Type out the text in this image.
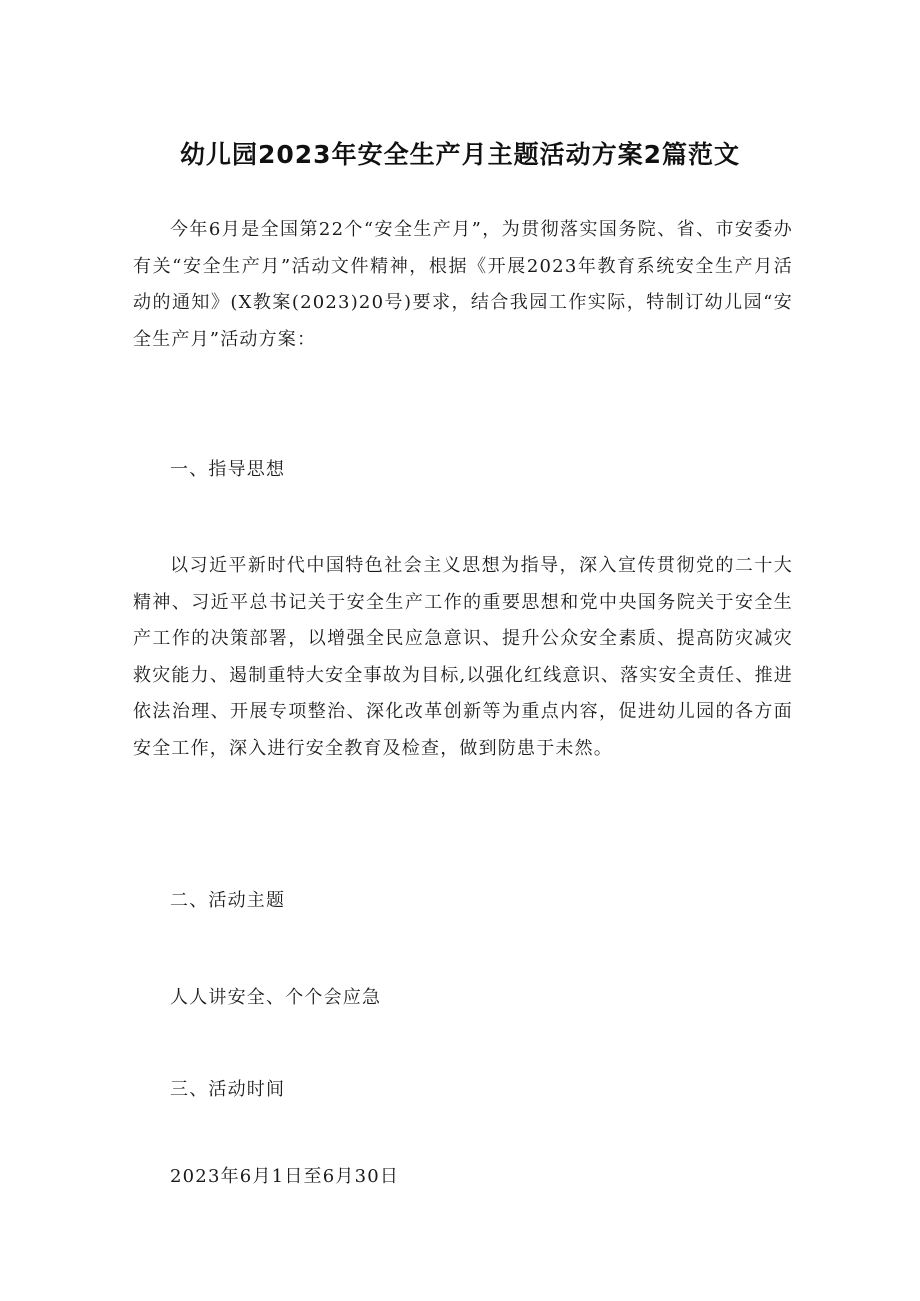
幼儿园2023年安全生产月主题活动方案2篇范文

今年6月是全国第22个“安全生产月”，为贯彻落实国务院、省、市安委办有关“安全生产月”活动文件精神，根据《开展2023年教育系统安全生产月活动的通知》(X教案(2023)20号)要求，结合我园工作实际，特制订幼儿园“安全生产月”活动方案：

一、指导思想

以习近平新时代中国特色社会主义思想为指导，深入宣传贯彻党的二十大精神、习近平总书记关于安全生产工作的重要思想和党中央国务院关于安全生产工作的决策部署，以增强全民应急意识、提升公众安全素质、提高防灾减灾救灾能力、遏制重特大安全事故为目标,以强化红线意识、落实安全责任、推进依法治理、开展专项整治、深化改革创新等为重点内容，促进幼儿园的各方面安全工作，深入进行安全教育及检查，做到防患于未然。

二、活动主题

人人讲安全、个个会应急

三、活动时间

2023年6月1日至6月30日
